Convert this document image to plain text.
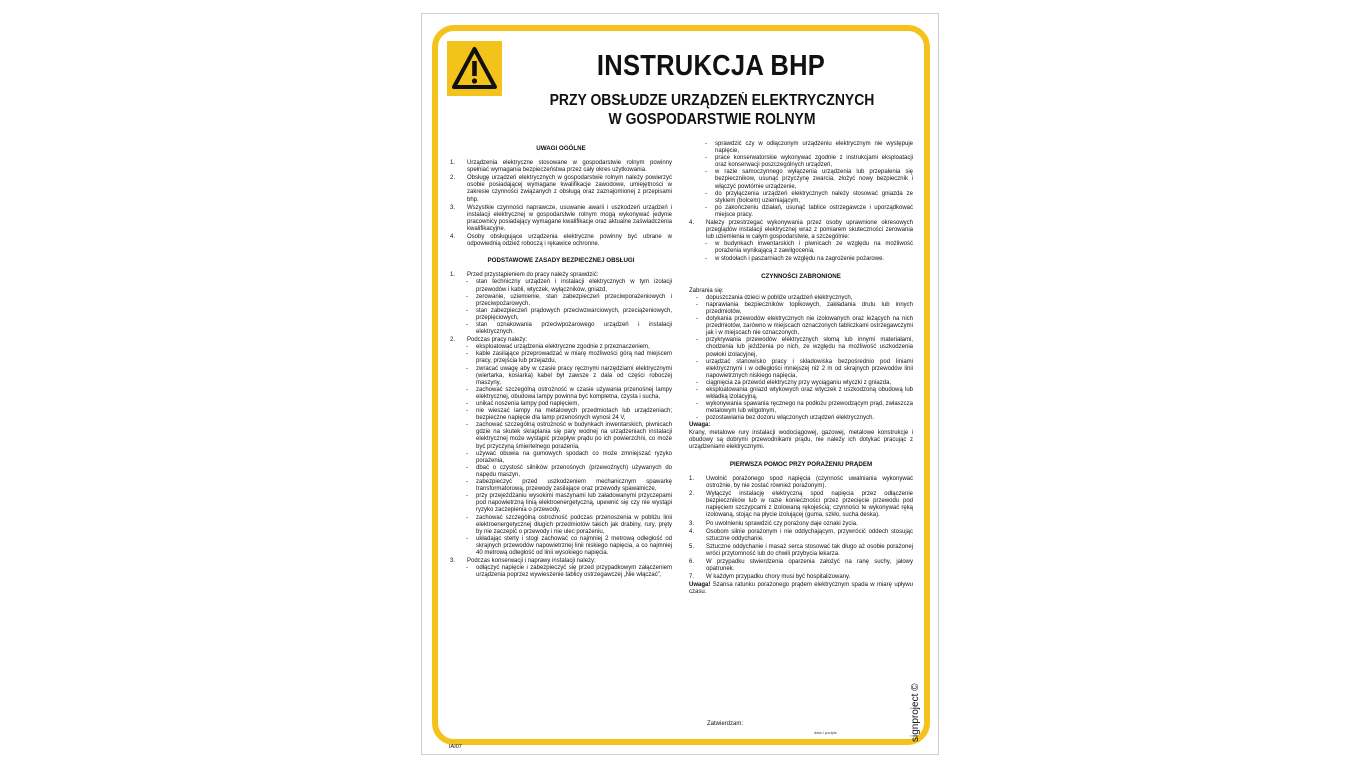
INSTRUKCJA BHP
PRZY OBSŁUDZE URZĄDZEŃ ELEKTRYCZNYCH
W GOSPODARSTWIE ROLNYM
UWAGI OGÓLNE
1. Urządzenia elektryczne stosowane w gospodarstwie rolnym powinny spełniać wymagania bezpieczeństwa przez cały okres użytkowania.
2. Obsługę urządzeń elektrycznych w gospodarstwie rolnym należy powierzyć osobie posiadającej wymagane kwalifikacje zawodowe, umiejętności w zakresie czynności związanych z obsługą oraz zaznajomionej z przepisami bhp.
3. Wszystkie czynności naprawcze, usuwanie awarii i uszkodzeń urządzeń i instalacji elektrycznej w gospodarstwie rolnym mogą wykonywać jedynie pracownicy posiadający wymagane kwalifikacje oraz aktualne zaświadczenia kwalifikacyjne.
4. Osoby obsługujące urządzenia elektryczne powinny być ubrane w odpowiednią odzież roboczą i rękawice ochronne.
PODSTAWOWE ZASADY BEZPIECZNEJ OBSŁUGI
1. Przed przystąpieniem do pracy należy sprawdzić:
- stan techniczny urządzeń i instalacji elektrycznych w tym izolacji przewodów i kabli, wtyczek, wyłączników, gniazd,
- zerowanie, uziemienie, stan zabezpieczeń przeciwporażeniowych i przeciwpożarowych,
- stan zabezpieczeń prądowych przeciwzwarciowych, przeciążeniowych, przepięciowych,
- stan oznakowania przeciwpożarowego urządzeń i instalacji elektrycznych.
2. Podczas pracy należy:
- eksploatować urządzenia elektryczne zgodnie z przeznaczeniem,
- kable zasilające przeprowadzać w miarę możliwości górą nad miejscem pracy, przejścia lub przejazdu,
- zwracać uwagę aby w czasie pracy ręcznymi narzędziami elektrycznymi (wiertarka, kosiarka) kabel był zawsze z dala od części roboczej maszyny,
- zachować szczególną ostrożność w czasie używania przenośnej lampy elektrycznej, obudowa lampy powinna być kompletna, czysta i sucha,
- unikać noszenia lampy pod napięciem,
- nie wieszać lampy na metalowych przedmiotach lub urządzeniach; bezpieczne napięcie dla lamp przenośnych wynosi 24 V,
- zachować szczególną ostrożność w budynkach inwentarskich, piwnicach gdzie na skutek skraplania się pary wodnej na urządzeniach instalacji elektrycznej może wystąpić przepływ prądu po ich powierzchni, co może być przyczyną śmiertelnego porażenia,
- używać obuwia na gumowych spodach co może zmniejszać ryzyko porażenia,
- dbać o czystość silników przenośnych (przewoźnych) używanych do napędu maszyn,
- zabezpieczyć przed uszkodzeniem mechanicznym spawarkę transformatorową, przewody zasilające oraz przewody spawalnicze,
- przy przejeżdżaniu wysokimi maszynami lub załadowanymi przyczepami pod napowietrzną linią elektroenergetyczną, upewnić się czy nie wystąpi ryzyko zaczepienia o przewody,
- zachować szczególną ostrożność podczas przenoszenia w pobliżu linii elektroenergetycznej długich przedmiotów takich jak drabiny, rury, pręty by nie zaczepić o przewody i nie ulec porażeniu,
- układając sterty i stogi zachować co najmniej 2 metrową odległość od skrajnych przewodów napowietrznej linii niskiego napięcia, a co najmniej 40 metrową odległość od linii wysokiego napięcia.
3. Podczas konserwacji i naprawy instalacji należy:
- odłączyć napięcie i zabezpieczyć się przed przypadkowym załączeniem urządzenia poprzez wywieszenie tablicy ostrzegawczej „Nie włączać”,
- sprawdzić czy w odłączonym urządzeniu elektrycznym nie występuje napięcie,
- prace konserwatorskie wykonywać zgodnie z instrukcjami eksploatacji oraz konserwacji poszczególnych urządzeń,
- w razie samoczynnego wyłączenia urządzenia lub przepalenia się bezpiecznikow, usunąć przyczynę zwarcia, złożyć nowy bezpiecznik i włączyć powtórnie urządzenie,
- do przyłączenia urządzeń elektrycznych należy stosować gniazda ze stykiem (bolcem) uziemiającym,
- po zakończeniu działań, usunąć tablice ostrzegawcze i uporządkować miejsce pracy.
4. Należy przestrzegać wykonywania przez osoby uprawnione okresowych przeglądów instalacji elektrycznej wraz z pomiarem skuteczności zerowania lub uziemienia w całym gospodarstwie, a szczególnie:
- w budynkach inwentarskich i piwnicach ze względu na możliwość porażenia wynikającą z zawilgocenia,
- w stodołach i paszarniach ze względu na zagrożenie pożarowe.
CZYNNOŚCI ZABRONIONE

Zabrania się:

- dopuszczania dzieci w pobliże urządzeń elektrycznych,
- naprawiania bezpieczników topikowych, zakładania drutu lub innych przedmiotów,
- dotykania przewodów elektrycznych nie izolowanych oraz leżących na nich przedmiotów, zarówno w miejscach oznaczonych tabliczkami ostrzegawczymi jak i w miejscach nie oznaczonych,
- przykrywania przewodów elektrycznych słomą lub innymi materiałami, chodzenia lub jeżdżenia po nich, ze względu na możliwość uszkodzenia powłoki izolacyjnej,
- urządzać stanowisko pracy i składowiska bezpośrednio pod liniami elektrycznymi i w odległości mniejszej niż 2 m od skrajnych przewodów linii napowietrznych niskiego napięcia,
- ciągnięcia za przewód elektryczny przy wyciąganiu wtyczki z gniazda,
- eksploatowania gniazd wtykowych oraz wtyczek z uszkodzoną obudową lub wkładką izolacyjną,
- wykonywania spawania ręcznego na podłożu przewodzącym prąd, zwłaszcza metalowym lub wilgotnym,
- pozostawiania bez dozoru włączonych urządzeń elektrycznych.

Uwaga:
Krany, metalowe rury instalacji wodociągowej, gazowej, metalowe konstrukcje i obudowy są dobrymi przewodnikami prądu, nie należy ich dotykać pracując z urządzeniami elektrycznymi.

PIERWSZA POMOC PRZY PORAŻENIU PRĄDEM
1. Uwolnić porażonego spod napięcia (czynność uwalniania wykonywać ostrożnie, by nie zostać również porażonym).
2. Wyłączyć instalację elektryczną spod napięcia przez odłączenie bezpieczników lub w razie konieczności przez przecięcie przewodu pod napięciem szczypcami z izolowaną rękojeścią; czynności te wykonywać ręką izolowaną, stojąc na płycie izolującej (guma, szkło, sucha deska).
3. Po uwolnieniu sprawdzić czy porażony daje oznaki życia.
4. Osobom silnie porażonym i nie oddychającym, przywrócić oddech stosując sztuczne oddychanie.
5. Sztuczne oddychanie i masaż serca stosować tak długo aż osobie porażonej wróci przytomność lub do chwili przybycia lekarza.
6. W przypadku stwierdzenia oparzenia założyć na ranę suchy, jałowy opatrunek.
7. W każdym przypadku chory musi być hospitalizowany.

Uwaga! Szansa ratunku porażonego prądem elektrycznym spada w miarę upływu czasu.

Zatwierdzam:
data i podpis
IAI07
signproject ©
